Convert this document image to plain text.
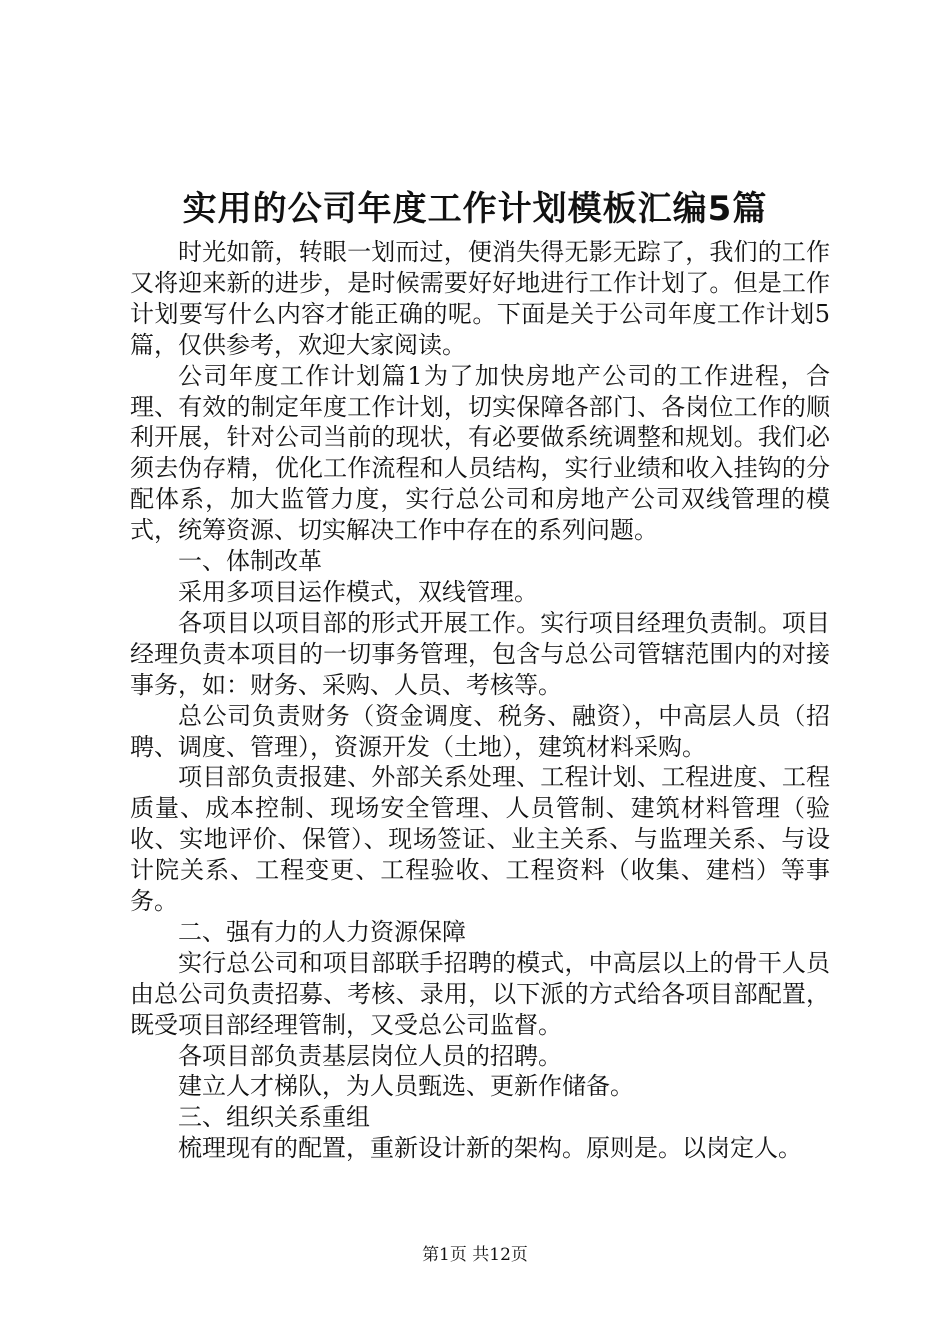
实用的公司年度工作计划模板汇编5篇

时光如箭，转眼一划而过，便消失得无影无踪了，我们的工作又将迎来新的进步，是时候需要好好地进行工作计划了。但是工作计划要写什么内容才能正确的呢。下面是关于公司年度工作计划5篇，仅供参考，欢迎大家阅读。

公司年度工作计划篇1为了加快房地产公司的工作进程，合理、有效的制定年度工作计划，切实保障各部门、各岗位工作的顺利开展，针对公司当前的现状，有必要做系统调整和规划。我们必须去伪存精，优化工作流程和人员结构，实行业绩和收入挂钩的分配体系，加大监管力度，实行总公司和房地产公司双线管理的模式，统筹资源、切实解决工作中存在的系列问题。

一、体制改革

采用多项目运作模式，双线管理。

各项目以项目部的形式开展工作。实行项目经理负责制。项目经理负责本项目的一切事务管理，包含与总公司管辖范围内的对接事务，如：财务、采购、人员、考核等。

总公司负责财务（资金调度、税务、融资），中高层人员（招聘、调度、管理），资源开发（土地），建筑材料采购。

项目部负责报建、外部关系处理、工程计划、工程进度、工程质量、成本控制、现场安全管理、人员管制、建筑材料管理（验收、实地评价、保管）、现场签证、业主关系、与监理关系、与设计院关系、工程变更、工程验收、工程资料（收集、建档）等事务。

二、强有力的人力资源保障

实行总公司和项目部联手招聘的模式，中高层以上的骨干人员由总公司负责招募、考核、录用，以下派的方式给各项目部配置，既受项目部经理管制，又受总公司监督。

各项目部负责基层岗位人员的招聘。

建立人才梯队，为人员甄选、更新作储备。

三、组织关系重组

梳理现有的配置，重新设计新的架构。原则是。以岗定人。

第1页 共12页
